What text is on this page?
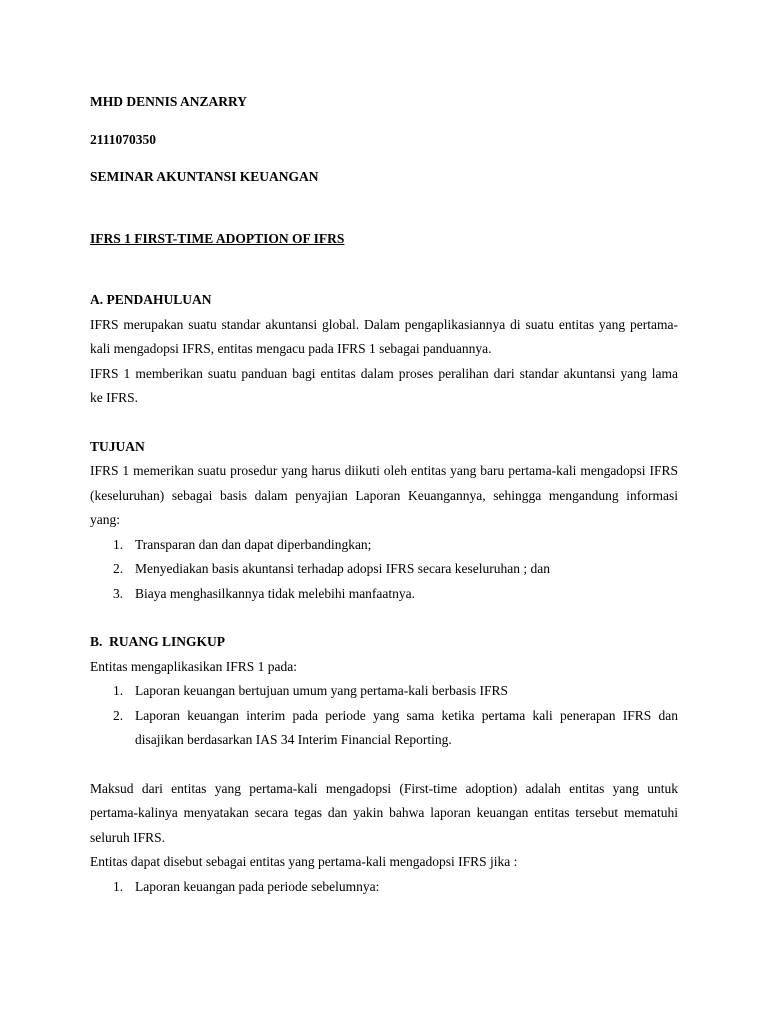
MHD DENNIS ANZARRY

2111070350

SEMINAR AKUNTANSI KEUANGAN

IFRS 1 FIRST-TIME ADOPTION OF IFRS

A. PENDAHULUAN

IFRS merupakan suatu standar akuntansi global. Dalam pengaplikasiannya di suatu entitas yang pertama-

kali mengadopsi IFRS, entitas mengacu pada IFRS 1 sebagai panduannya.

IFRS 1 memberikan suatu panduan bagi entitas dalam proses peralihan dari standar akuntansi yang lama

ke IFRS.

TUJUAN

IFRS 1 memerikan suatu prosedur yang harus diikuti oleh entitas yang baru pertama-kali mengadopsi IFRS

(keseluruhan) sebagai basis dalam penyajian Laporan Keuangannya, sehingga mengandung informasi

yang:

1. Transparan dan dan dapat diperbandingkan;
2. Menyediakan basis akuntansi terhadap adopsi IFRS secara keseluruhan ; dan
3. Biaya menghasilkannya tidak melebihi manfaatnya.

B.  RUANG LINGKUP

Entitas mengaplikasikan IFRS 1 pada:

1. Laporan keuangan bertujuan umum yang pertama-kali berbasis IFRS
2. Laporan keuangan interim pada periode yang sama ketika pertama kali penerapan IFRS dan

disajikan berdasarkan IAS 34 Interim Financial Reporting.

Maksud dari entitas yang pertama-kali mengadopsi (First-time adoption) adalah entitas yang untuk

pertama-kalinya menyatakan secara tegas dan yakin bahwa laporan keuangan entitas tersebut mematuhi

seluruh IFRS.

Entitas dapat disebut sebagai entitas yang pertama-kali mengadopsi IFRS jika :

1. Laporan keuangan pada periode sebelumnya:
